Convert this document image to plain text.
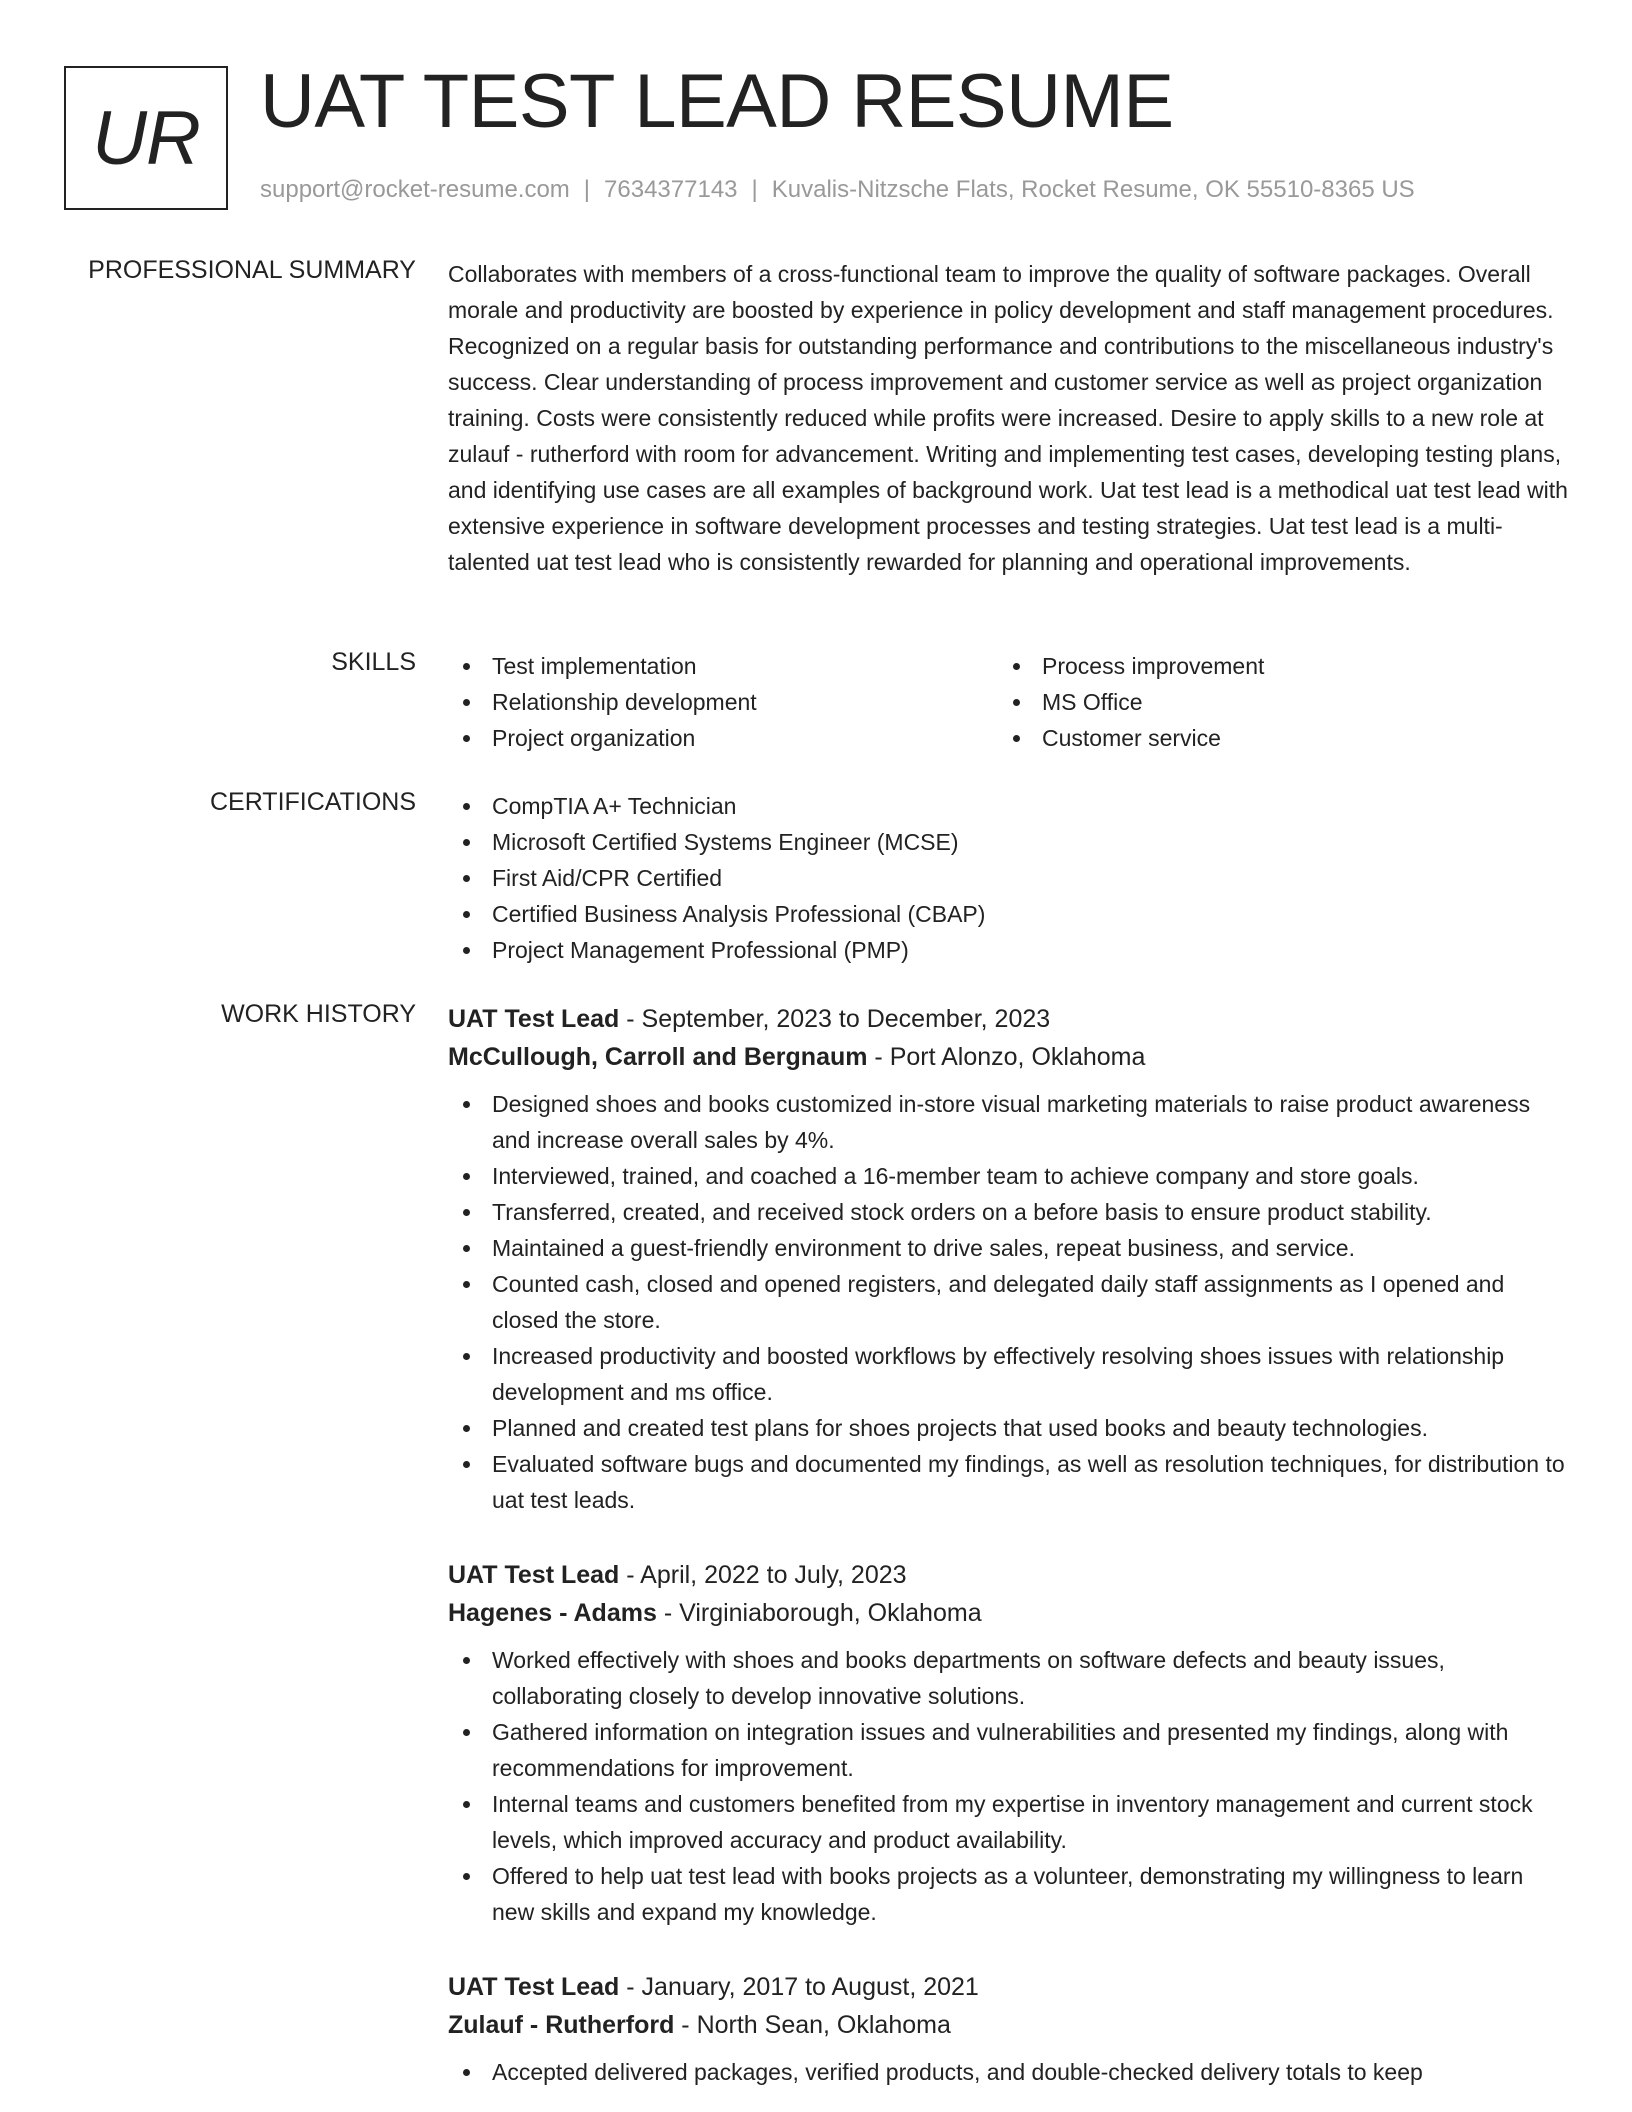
UR UAT TEST LEAD RESUME
support@rocket-resume.com | 7634377143 | Kuvalis-Nitzsche Flats, Rocket Resume, OK 55510-8365 US
PROFESSIONAL SUMMARY Collaborates with members of a cross-functional team to improve the quality of software packages. Overall morale and productivity are boosted by experience in policy development and staff management procedures. Recognized on a regular basis for outstanding performance and contributions to the miscellaneous industry's success. Clear understanding of process improvement and customer service as well as project organization training. Costs were consistently reduced while profits were increased. Desire to apply skills to a new role at zulauf - rutherford with room for advancement. Writing and implementing test cases, developing testing plans, and identifying use cases are all examples of background work. Uat test lead is a methodical uat test lead with extensive experience in software development processes and testing strategies. Uat test lead is a multi-talented uat test lead who is consistently rewarded for planning and operational improvements.

SKILLS	Test implementation	Process improvement
Relationship development	MS Office
Project organization	Customer service
CERTIFICATIONS	CompTIA A+ Technician
Microsoft Certified Systems Engineer (MCSE)
First Aid/CPR Certified
Certified Business Analysis Professional (CBAP)
Project Management Professional (PMP)
WORK HISTORY UAT Test Lead - September, 2023 to December, 2023
McCullough, Carroll and Bergnaum - Port Alonzo, Oklahoma
Designed shoes and books customized in-store visual marketing materials to raise product awareness and increase overall sales by 4%.
Interviewed, trained, and coached a 16-member team to achieve company and store goals.
Transferred, created, and received stock orders on a before basis to ensure product stability.
Maintained a guest-friendly environment to drive sales, repeat business, and service.
Counted cash, closed and opened registers, and delegated daily staff assignments as I opened and closed the store.
Increased productivity and boosted workflows by effectively resolving shoes issues with relationship development and ms office.
Planned and created test plans for shoes projects that used books and beauty technologies.
Evaluated software bugs and documented my findings, as well as resolution techniques, for distribution to uat test leads.
UAT Test Lead - April, 2022 to July, 2023
Hagenes - Adams - Virginiaborough, Oklahoma
Worked effectively with shoes and books departments on software defects and beauty issues, collaborating closely to develop innovative solutions.
Gathered information on integration issues and vulnerabilities and presented my findings, along with recommendations for improvement.
Internal teams and customers benefited from my expertise in inventory management and current stock levels, which improved accuracy and product availability.
Offered to help uat test lead with books projects as a volunteer, demonstrating my willingness to learn new skills and expand my knowledge.
UAT Test Lead - January, 2017 to August, 2021
Zulauf - Rutherford - North Sean, Oklahoma
Accepted delivered packages, verified products, and double-checked delivery totals to keep
